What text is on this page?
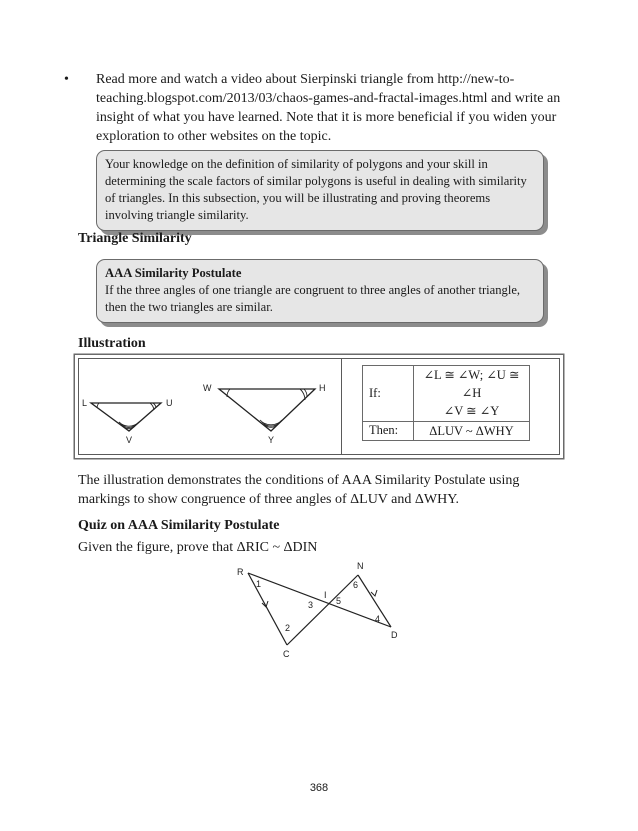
•	Read more and watch a video about Sierpinski triangle from http://new-to-teaching.blogspot.com/2013/03/chaos-games-and-fractal-images.html and write an insight of what you have learned. Note that it is more beneficial if you widen your exploration to other websites on the topic.
Your knowledge on the definition of similarity of polygons and your skill in determining the scale factors of similar polygons is useful in dealing with similarity of triangles. In this subsection, you will be illustrating and proving theorems involving triangle similarity.
Triangle Similarity
AAA Similarity Postulate
If the three angles of one triangle are congruent to three angles of another triangle, then the two triangles are similar.
Illustration
L	U
V
W	H
Y
If:	∠L ≅ ∠W; ∠U ≅ ∠H
∠V ≅ ∠Y

Then:	ΔLUV ~ ΔWHY
The illustration demonstrates the conditions of AAA Similarity Postulate using markings to show congruence of three angles of ΔLUV and ΔWHY.
Quiz on AAA Similarity Postulate
Given the figure, prove that ΔRIC ~ ΔDIN
R
C
I
N
D
1
2
3
4
5
6
368
